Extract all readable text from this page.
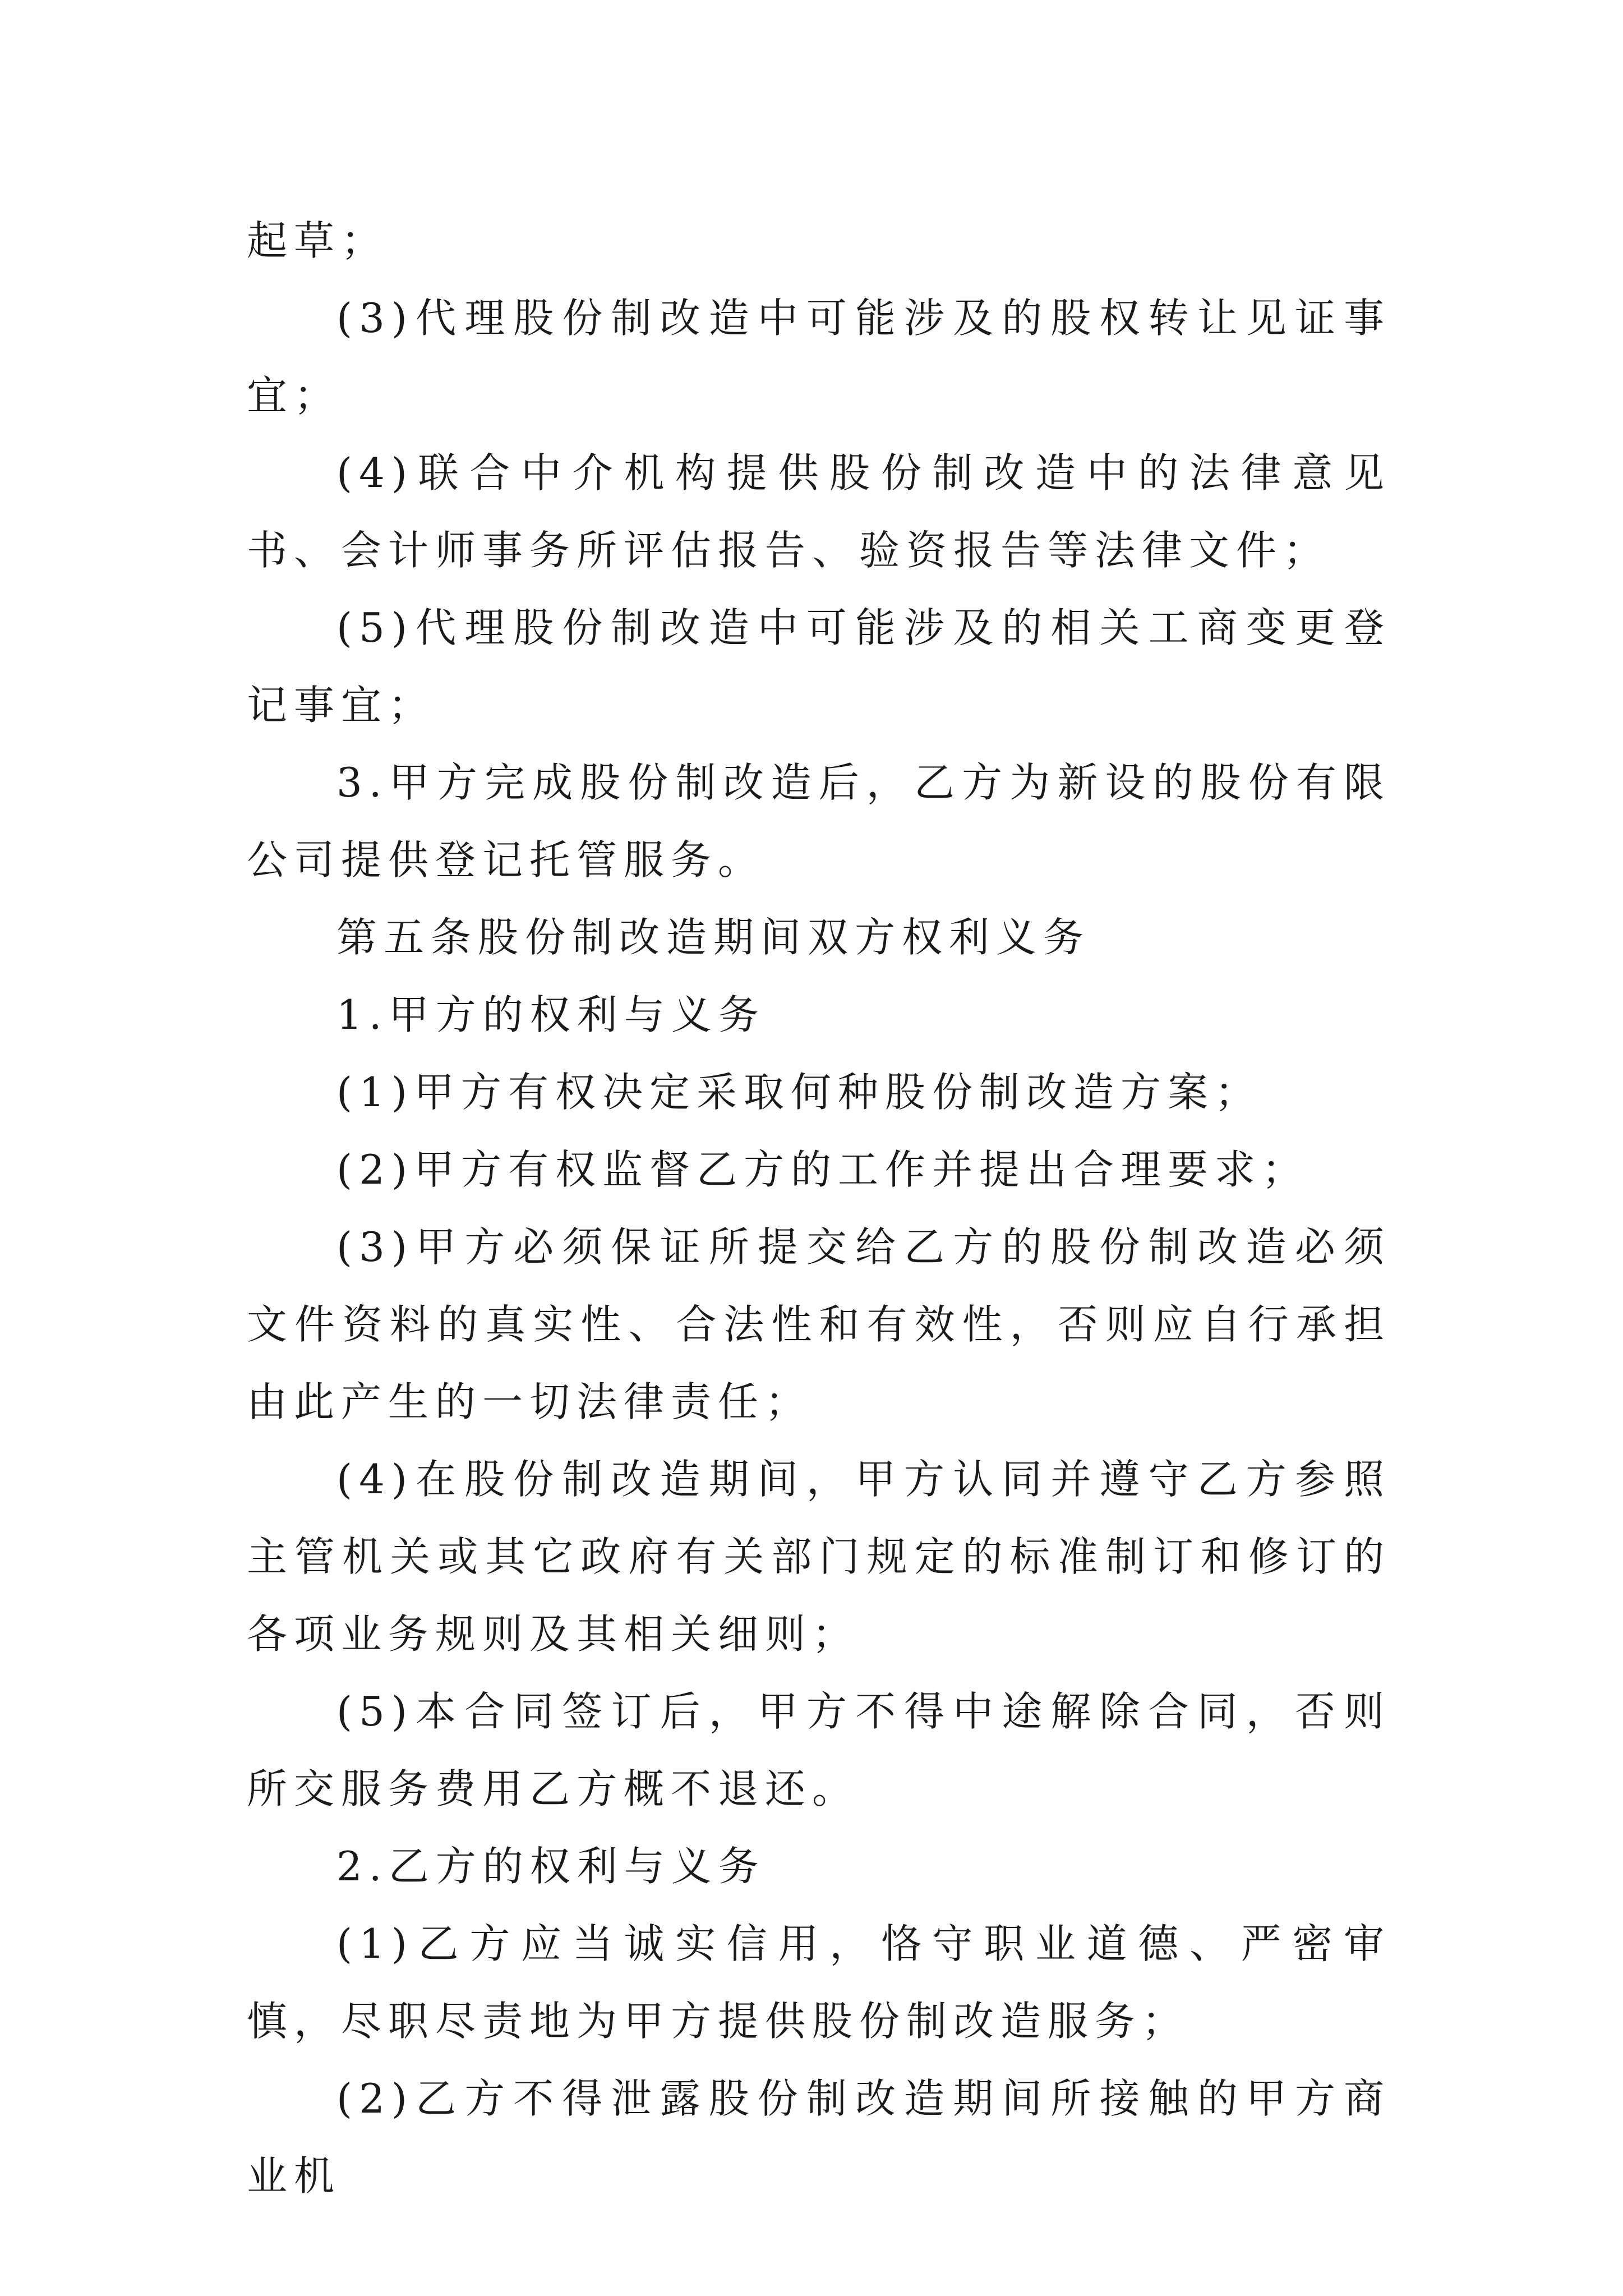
起草；

(3)代理股份制改造中可能涉及的股权转让见证事宜；

(4)联合中介机构提供股份制改造中的法律意见书、会计师事务所评估报告、验资报告等法律文件；

(5)代理股份制改造中可能涉及的相关工商变更登记事宜；

3.甲方完成股份制改造后，乙方为新设的股份有限公司提供登记托管服务。

第五条股份制改造期间双方权利义务

1.甲方的权利与义务

(1)甲方有权决定采取何种股份制改造方案；

(2)甲方有权监督乙方的工作并提出合理要求；

(3)甲方必须保证所提交给乙方的股份制改造必须文件资料的真实性、合法性和有效性，否则应自行承担由此产生的一切法律责任；

(4)在股份制改造期间，甲方认同并遵守乙方参照主管机关或其它政府有关部门规定的标准制订和修订的各项业务规则及其相关细则；

(5)本合同签订后，甲方不得中途解除合同，否则所交服务费用乙方概不退还。

2.乙方的权利与义务

(1)乙方应当诚实信用，恪守职业道德、严密审慎，尽职尽责地为甲方提供股份制改造服务；

(2)乙方不得泄露股份制改造期间所接触的甲方商业机
